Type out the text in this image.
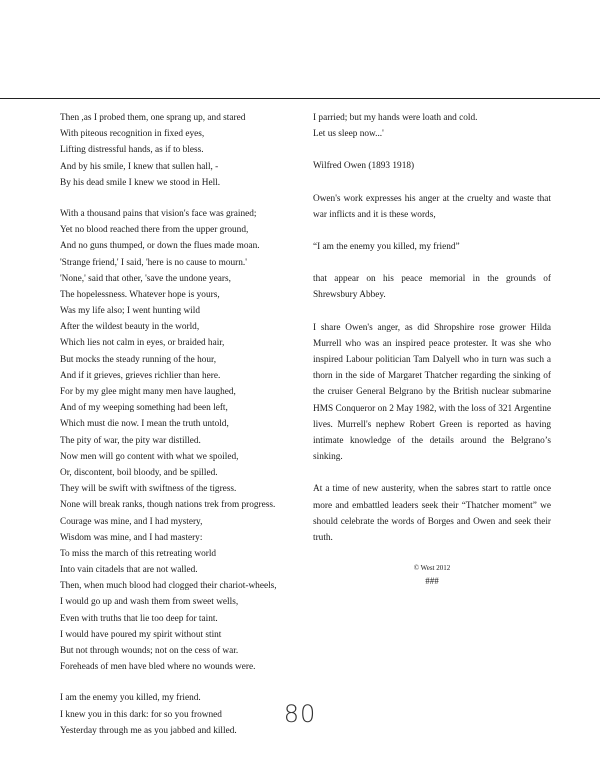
Then ,as I probed them, one sprang up, and stared
With piteous recognition in fixed eyes,
Lifting distressful hands, as if to bless.
And by his smile, I knew that sullen hall, -
By his dead smile I knew we stood in Hell.
With a thousand pains that vision's face was grained;
Yet no blood reached there from the upper ground,
And no guns thumped, or down the flues made moan.
'Strange friend,' I said, 'here is no cause to mourn.'
'None,' said that other, 'save the undone years,
The hopelessness. Whatever hope is yours,
Was my life also; I went hunting wild
After the wildest beauty in the world,
Which lies not calm in eyes, or braided hair,
But mocks the steady running of the hour,
And if it grieves, grieves richlier than here.
For by my glee might many men have laughed,
And of my weeping something had been left,
Which must die now. I mean the truth untold,
The pity of war, the pity war distilled.
Now men will go content with what we spoiled,
Or, discontent, boil bloody, and be spilled.
They will be swift with swiftness of the tigress.
None will break ranks, though nations trek from progress.
Courage was mine, and I had mystery,
Wisdom was mine, and I had mastery:
To miss the march of this retreating world
Into vain citadels that are not walled.
Then, when much blood had clogged their chariot-wheels,
I would go up and wash them from sweet wells,
Even with truths that lie too deep for taint.
I would have poured my spirit without stint
But not through wounds; not on the cess of war.
Foreheads of men have bled where no wounds were.
I am the enemy you killed, my friend.
I knew you in this dark: for so you frowned
Yesterday through me as you jabbed and killed.
I parried; but my hands were loath and cold.
Let us sleep now...'

Wilfred Owen (1893 1918)

Owen's work expresses his anger at the cruelty and waste that war inflicts and it is these words,

“I am the enemy you killed, my friend”

that appear on his peace memorial in the grounds of Shrewsbury Abbey.

I share Owen's anger, as did Shropshire rose grower Hilda Murrell who was an inspired peace protester. It was she who inspired Labour politician Tam Dalyell who in turn was such a thorn in the side of Margaret Thatcher regarding the sinking of the cruiser General Belgrano by the British nuclear submarine HMS Conqueror on 2 May 1982, with the loss of 321 Argentine lives. Murrell's nephew Robert Green is reported as having intimate knowledge of the details around the Belgrano’s sinking.

At a time of new austerity, when the sabres start to rattle once more and embattled leaders seek their “Thatcher moment” we should celebrate the words of Borges and Owen and seek their truth.

© West 2012

###

80
